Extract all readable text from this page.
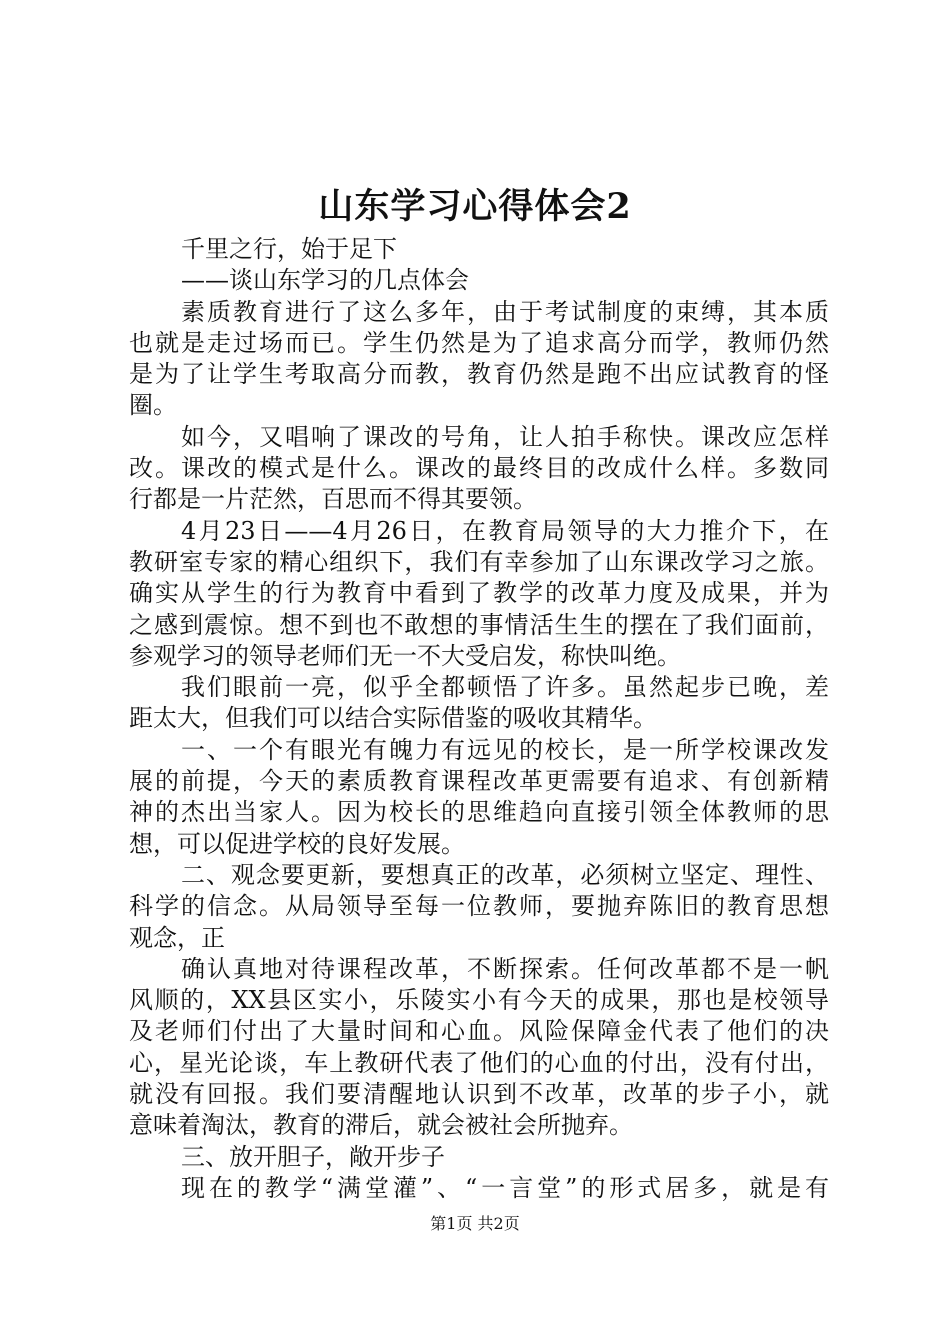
山东学习心得体会2
千里之行，始于足下
——谈山东学习的几点体会
素质教育进行了这么多年，由于考试制度的束缚，其本质
也就是走过场而已。学生仍然是为了追求高分而学，教师仍然
是为了让学生考取高分而教，教育仍然是跑不出应试教育的怪
圈。
如今，又唱响了课改的号角，让人拍手称快。课改应怎样
改。课改的模式是什么。课改的最终目的改成什么样。多数同
行都是一片茫然，百思而不得其要领。
4月23日——4月26日，在教育局领导的大力推介下，在
教研室专家的精心组织下，我们有幸参加了山东课改学习之旅。
确实从学生的行为教育中看到了教学的改革力度及成果，并为
之感到震惊。想不到也不敢想的事情活生生的摆在了我们面前，
参观学习的领导老师们无一不大受启发，称快叫绝。
我们眼前一亮，似乎全都顿悟了许多。虽然起步已晚，差
距太大，但我们可以结合实际借鉴的吸收其精华。
一、一个有眼光有魄力有远见的校长，是一所学校课改发
展的前提，今天的素质教育课程改革更需要有追求、有创新精
神的杰出当家人。因为校长的思维趋向直接引领全体教师的思
想，可以促进学校的良好发展。
二、观念要更新，要想真正的改革，必须树立坚定、理性、
科学的信念。从局领导至每一位教师，要抛弃陈旧的教育思想
观念，正
确认真地对待课程改革，不断探索。任何改革都不是一帆
风顺的，XX县区实小，乐陵实小有今天的成果，那也是校领导
及老师们付出了大量时间和心血。风险保障金代表了他们的决
心，星光论谈，车上教研代表了他们的心血的付出，没有付出，
就没有回报。我们要清醒地认识到不改革，改革的步子小，就
意味着淘汰，教育的滞后，就会被社会所抛弃。
三、放开胆子，敞开步子
现在的教学“满堂灌”、“一言堂”的形式居多，就是有
第1页 共2页
